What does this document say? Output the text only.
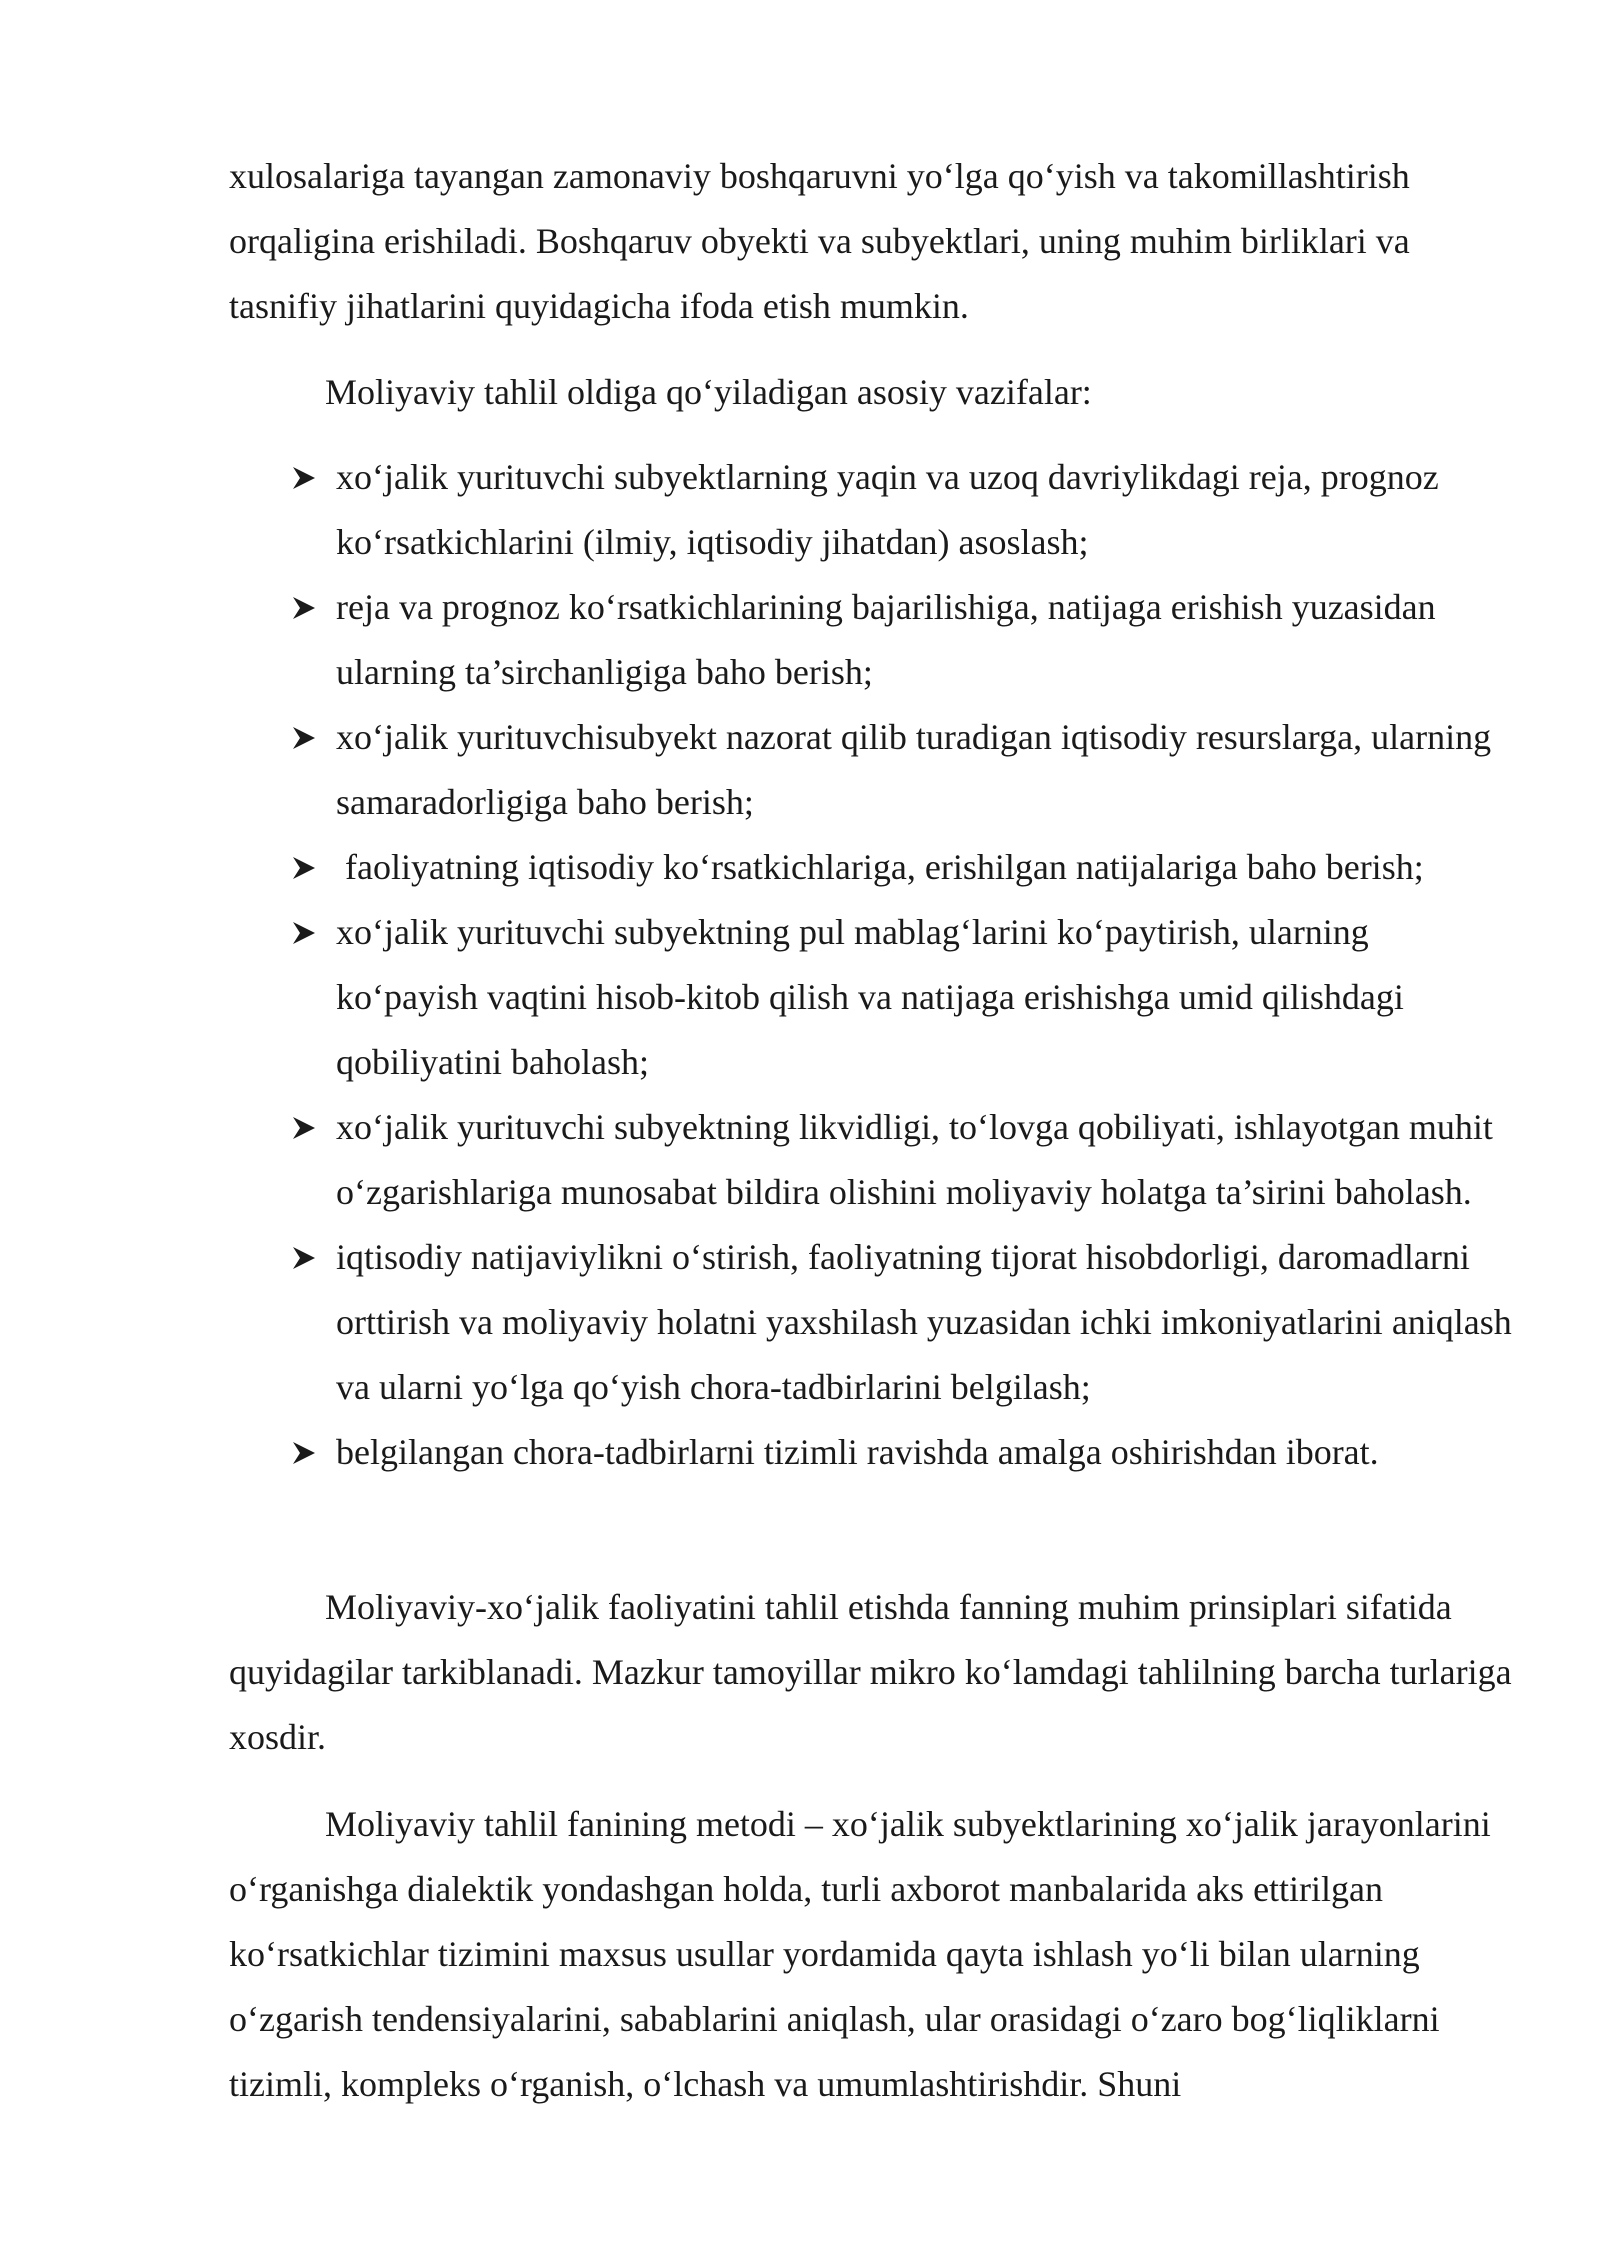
xulosalariga tayangan zamonaviy boshqaruvni yo‘lga qo‘yish va takomillashtirish orqaligina erishiladi. Boshqaruv obyekti va subyektlari, uning muhim birliklari va tasnifiy jihatlarini quyidagicha ifoda etish mumkin.

Moliyaviy tahlil oldiga qo‘yiladigan asosiy vazifalar:

xo‘jalik yurituvchi subyektlarning yaqin va uzoq davriylikdagi reja, prognoz ko‘rsatkichlarini (ilmiy, iqtisodiy jihatdan) asoslash;
reja va prognoz ko‘rsatkichlarining bajarilishiga, natijaga erishish yuzasidan ularning ta’sirchanligiga baho berish;
xo‘jalik yurituvchisubyekt nazorat qilib turadigan iqtisodiy resurslarga, ularning samaradorligiga baho berish;
faoliyatning iqtisodiy ko‘rsatkichlariga, erishilgan natijalariga baho berish;
xo‘jalik yurituvchi subyektning pul mablag‘larini ko‘paytirish, ularning ko‘payish vaqtini hisob-kitob qilish va natijaga erishishga umid qilishdagi qobiliyatini baholash;
xo‘jalik yurituvchi subyektning likvidligi, to‘lovga qobiliyati, ishlayotgan muhit o‘zgarishlariga munosabat bildira olishini moliyaviy holatga ta’sirini baholash.
iqtisodiy natijaviylikni o‘stirish, faoliyatning tijorat hisobdorligi, daromadlarni orttirish va moliyaviy holatni yaxshilash yuzasidan ichki imkoniyatlarini aniqlash va ularni yo‘lga qo‘yish chora-tadbirlarini belgilash;
belgilangan chora-tadbirlarni tizimli ravishda amalga oshirishdan iborat.

Moliyaviy-xo‘jalik faoliyatini tahlil etishda fanning muhim prinsiplari sifatida quyidagilar tarkiblanadi. Mazkur tamoyillar mikro ko‘lamdagi tahlilning barcha turlariga xosdir.

Moliyaviy tahlil fanining metodi – xo‘jalik subyektlarining xo‘jalik jarayonlarini o‘rganishga dialektik yondashgan holda, turli axborot manbalarida aks ettirilgan ko‘rsatkichlar tizimini maxsus usullar yordamida qayta ishlash yo‘li bilan ularning o‘zgarish tendensiyalarini, sabablarini aniqlash, ular orasidagi o‘zaro bog‘liqliklarni tizimli, kompleks o‘rganish, o‘lchash va umumlashtirishdir. Shuni
